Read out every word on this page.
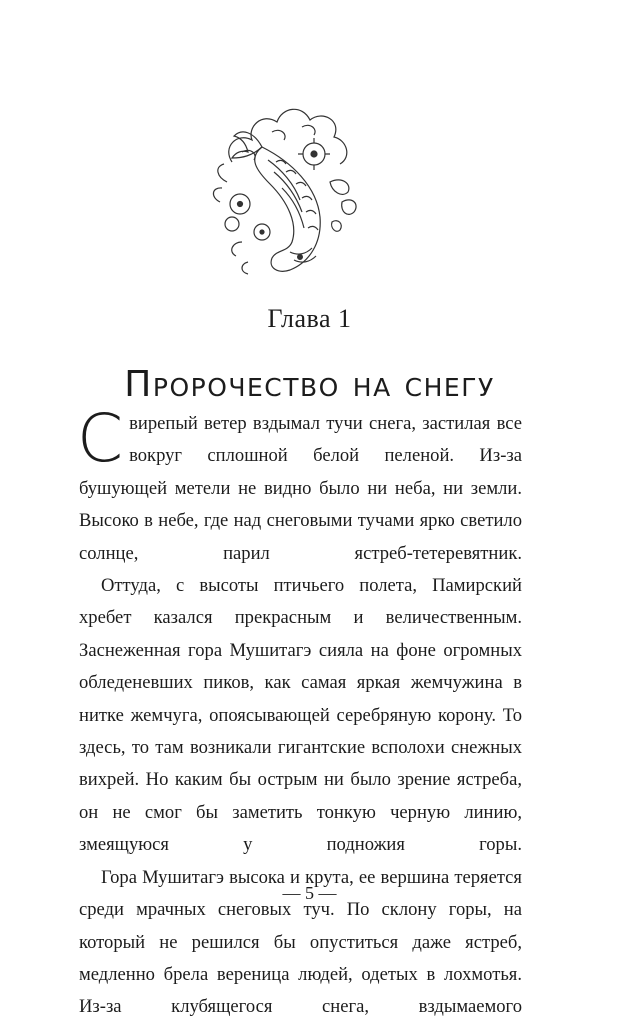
Глава 1
Пророчество на снегу

Свирепый ветер вздымал тучи снега, застилая все вокруг сплошной белой пеленой. Из-за бушующей метели не видно было ни неба, ни земли. Высоко в небе, где над снеговыми тучами ярко светило солнце, парил ястреб-тетеревятник.

Оттуда, с высоты птичьего полета, Памирский хребет казался прекрасным и величественным. Заснеженная гора Мушитагэ сияла на фоне огромных обледеневших пиков, как самая яркая жемчужина в нитке жемчуга, опоясывающей серебряную корону. То здесь, то там возникали гигантские всполохи снежных вихрей. Но каким бы острым ни было зрение ястреба, он не смог бы заметить тонкую черную линию, змеящуюся у подножия горы.

Гора Мушитагэ высока и крута, ее вершина теряется среди мрачных снеговых туч. По склону горы, на который не решился бы опуститься даже ястреб, медленно брела вереница людей, одетых в лохмотья. Из-за клубящегося снега, вздымаемого

— 5 —
